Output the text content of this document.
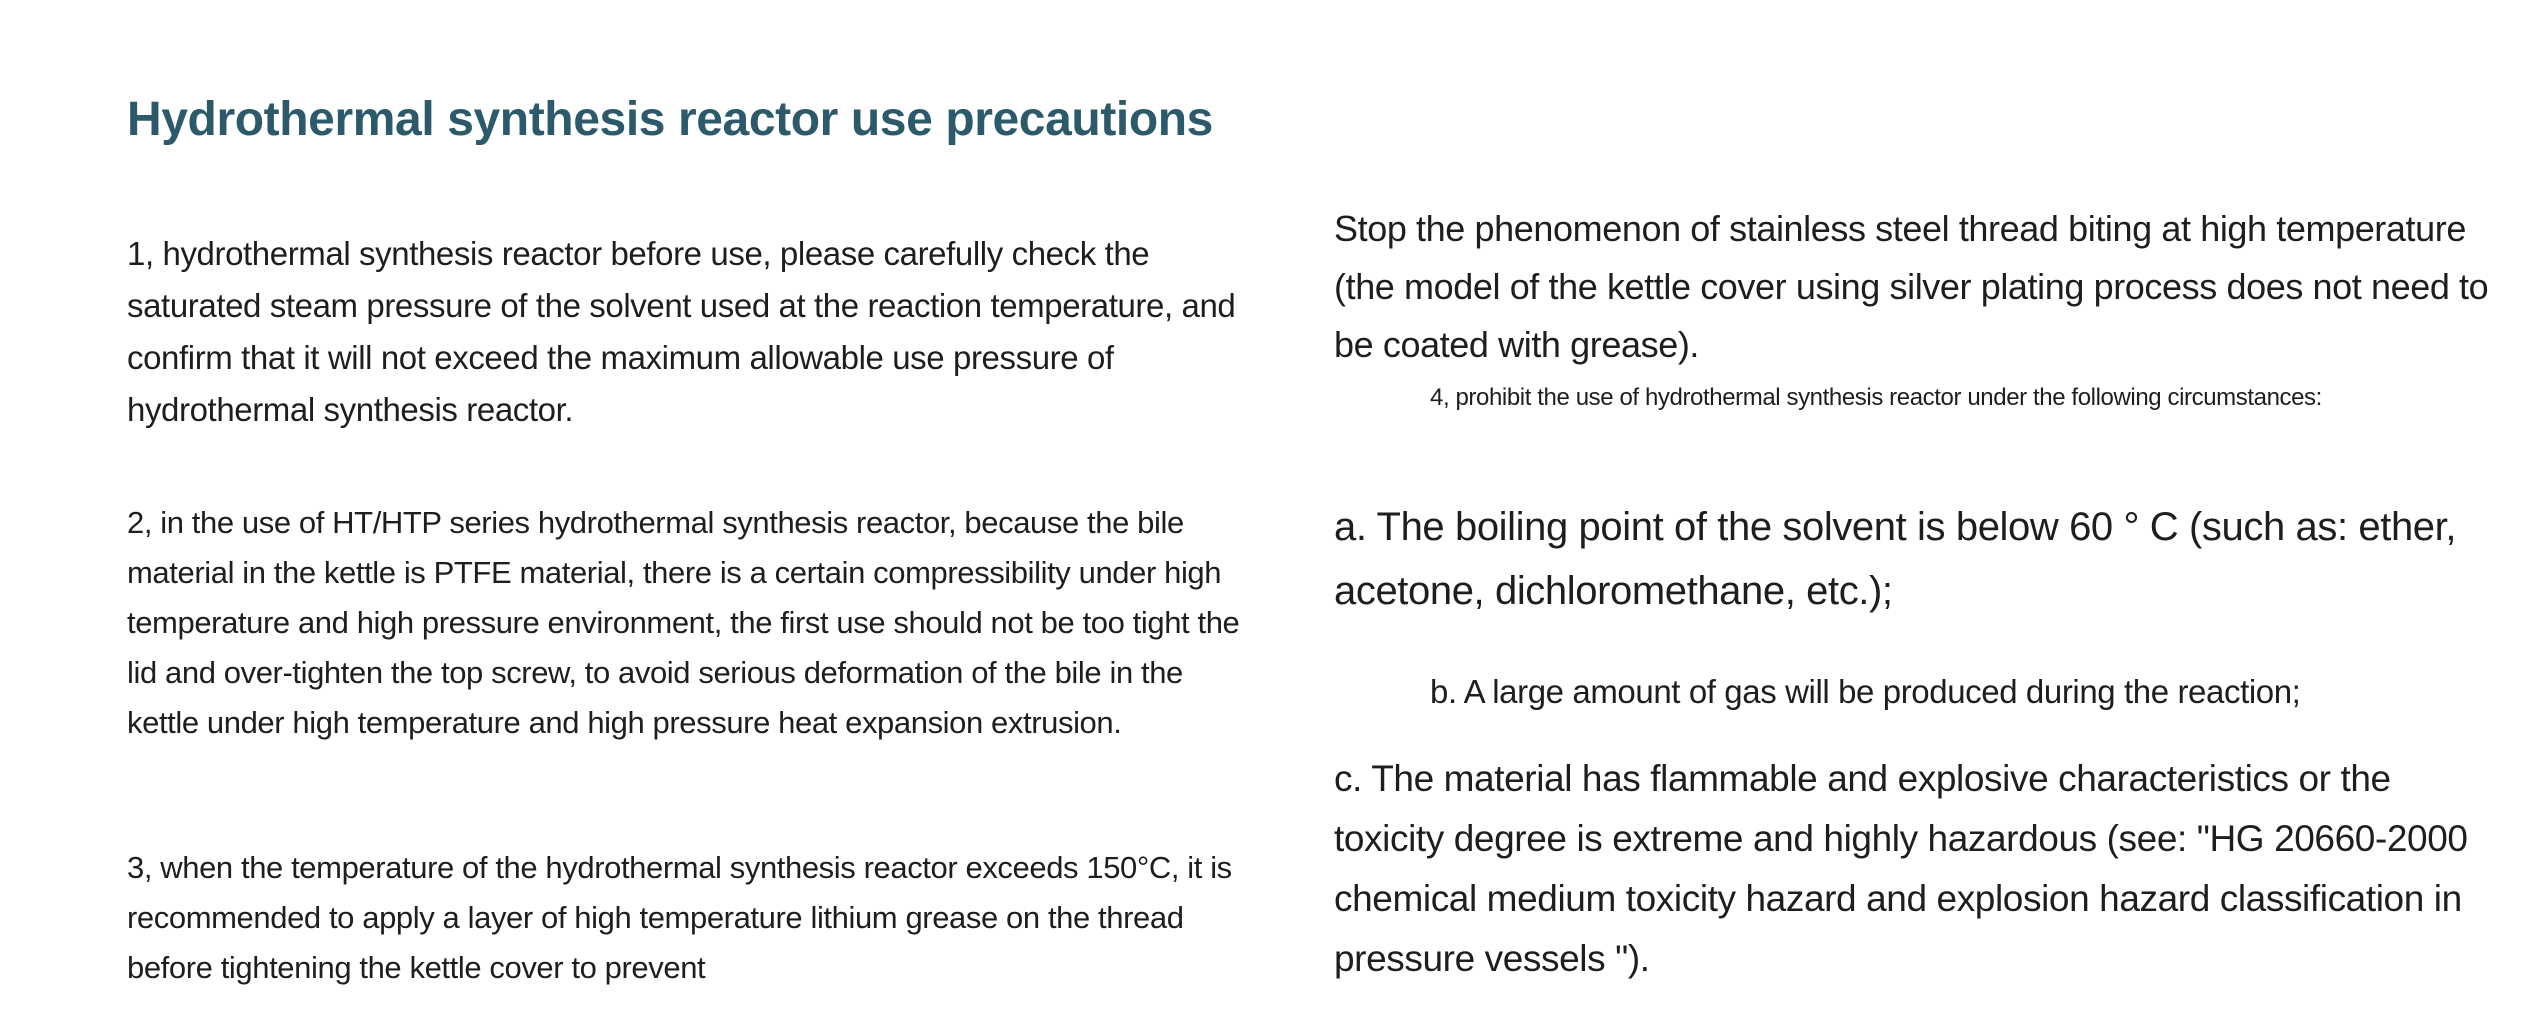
Hydrothermal synthesis reactor use precautions

1, hydrothermal synthesis reactor before use, please carefully check the saturated steam pressure of the solvent used at the reaction temperature, and confirm that it will not exceed the maximum allowable use pressure of hydrothermal synthesis reactor.

2, in the use of HT/HTP series hydrothermal synthesis reactor, because the bile material in the kettle is PTFE material, there is a certain compressibility under high temperature and high pressure environment, the first use should not be too tight the lid and over-tighten the top screw, to avoid serious deformation of the bile in the kettle under high temperature and high pressure heat expansion extrusion.

3, when the temperature of the hydrothermal synthesis reactor exceeds 150°C, it is recommended to apply a layer of high temperature lithium grease on the thread before tightening the kettle cover to prevent

Stop the phenomenon of stainless steel thread biting at high temperature (the model of the kettle cover using silver plating process does not need to be coated with grease).

4, prohibit the use of hydrothermal synthesis reactor under the following circumstances:

a. The boiling point of the solvent is below 60 ° C (such as: ether, acetone, dichloromethane, etc.);

b. A large amount of gas will be produced during the reaction;

c. The material has flammable and explosive characteristics or the toxicity degree is extreme and highly hazardous (see: "HG 20660-2000 chemical medium toxicity hazard and explosion hazard classification in pressure vessels ").
